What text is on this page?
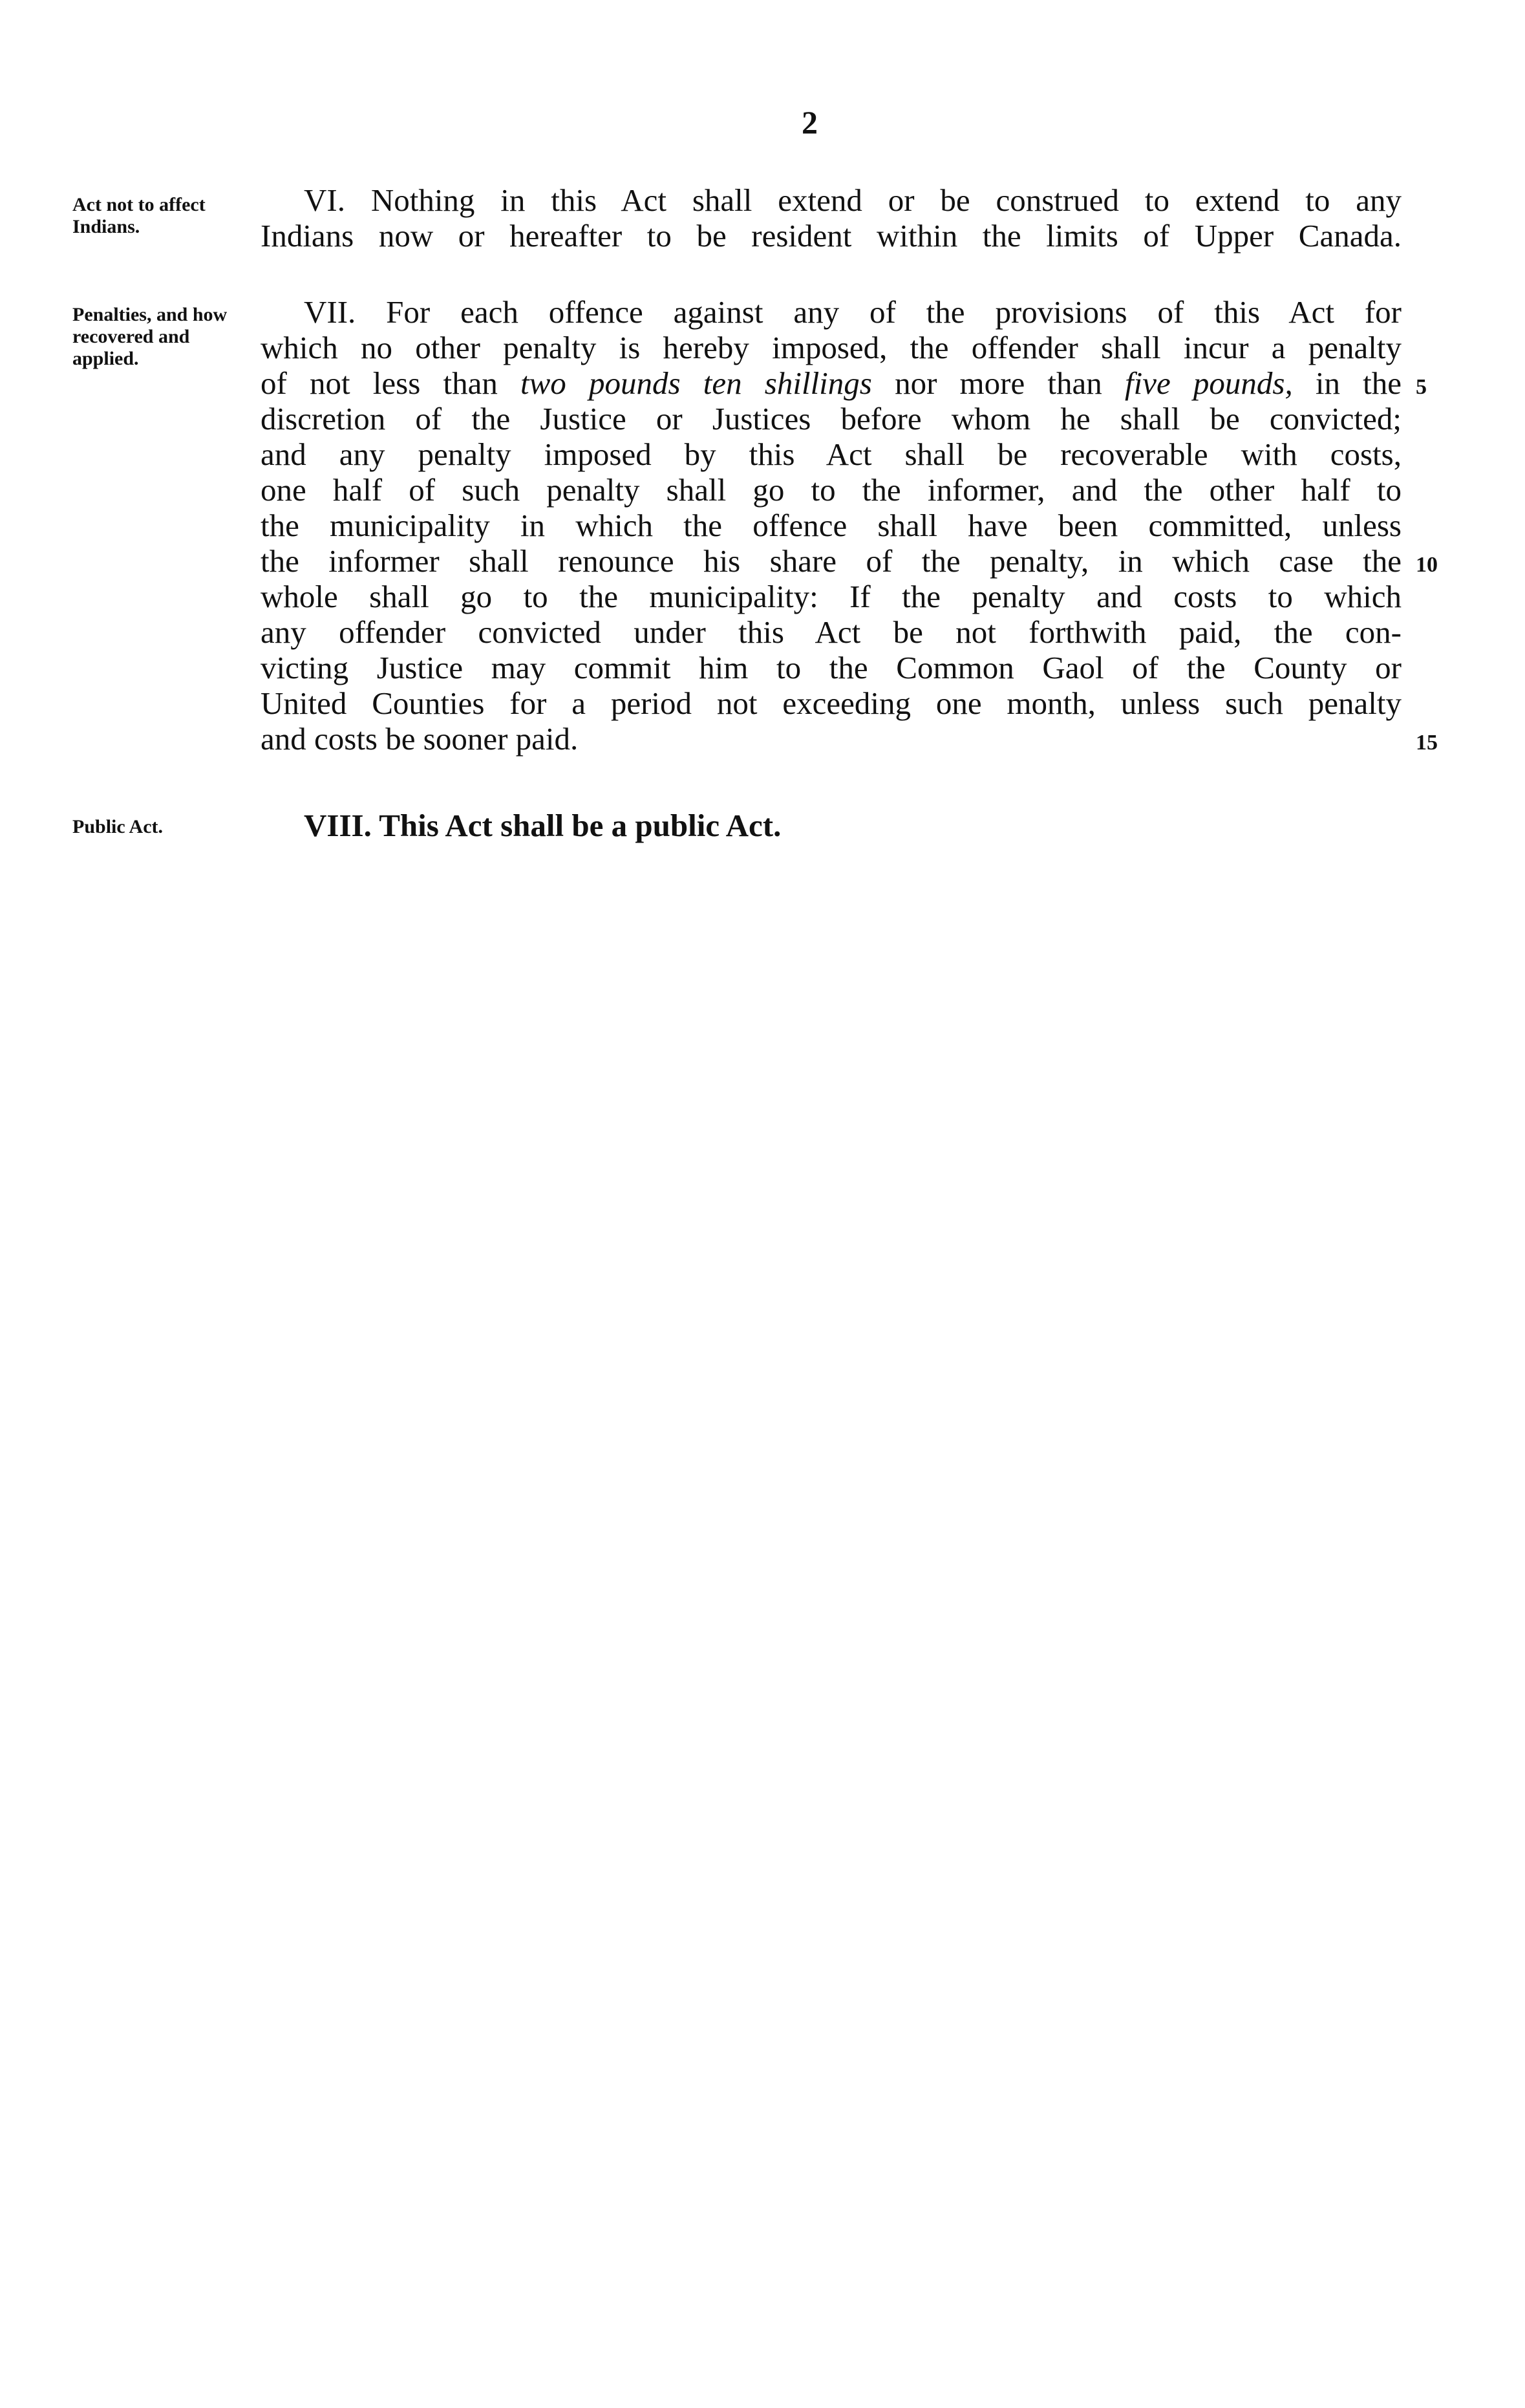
2
Act not to affect Indians.
VI. Nothing in this Act shall extend or be construed to extend to any
Indians now or hereafter to be resident within the limits of Upper Canada.
Penalties, and how recovered and applied.
VII. For each offence against any of the provisions of this Act for
which no other penalty is hereby imposed, the offender shall incur a penalty
of not less than two pounds ten shillings nor more than five pounds, in the
discretion of the Justice or Justices before whom he shall be convicted;
and any penalty imposed by this Act shall be recoverable with costs,
one half of such penalty shall go to the informer, and the other half to
the municipality in which the offence shall have been committed, unless
the informer shall renounce his share of the penalty, in which case the
whole shall go to the municipality: If the penalty and costs to which
any offender convicted under this Act be not forthwith paid, the con-
victing Justice may commit him to the Common Gaol of the County or
United Counties for a period not exceeding one month, unless such penalty
and costs be sooner paid.
5
10
15
Public Act.	VIII. This Act shall be a public Act.
